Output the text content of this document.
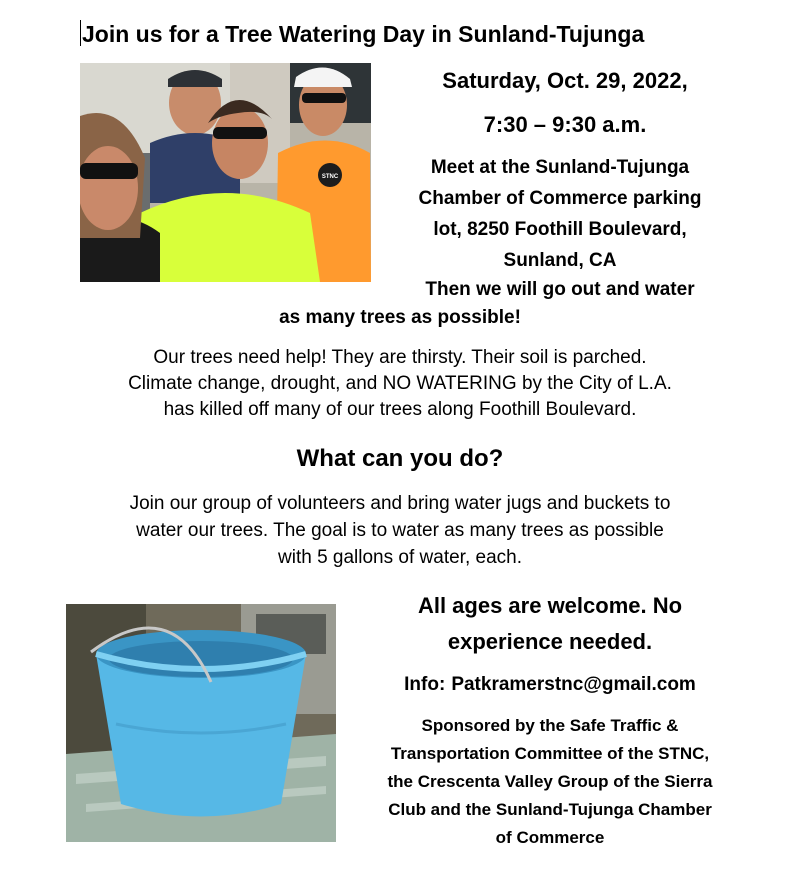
Join us for a Tree Watering Day in Sunland-Tujunga
STNC
Saturday, Oct. 29, 2022,
7:30 – 9:30 a.m.
Meet at the Sunland-Tujunga
Chamber of Commerce parking
lot, 8250 Foothill Boulevard,
Sunland, CA
Then we will go out and water
as many trees as possible!
Our trees need help! They are thirsty. Their soil is parched.
Climate change, drought, and NO WATERING by the City of L.A.
has killed off many of our trees along Foothill Boulevard.
What can you do?
Join our group of volunteers and bring water jugs and buckets to
water our trees. The goal is to water as many trees as possible
with 5 gallons of water, each.
All ages are welcome. No
experience needed.
Info: Patkramerstnc@gmail.com
Sponsored by the Safe Traffic &
Transportation Committee of the STNC,
the Crescenta Valley Group of the Sierra
Club and the Sunland-Tujunga Chamber
of Commerce
